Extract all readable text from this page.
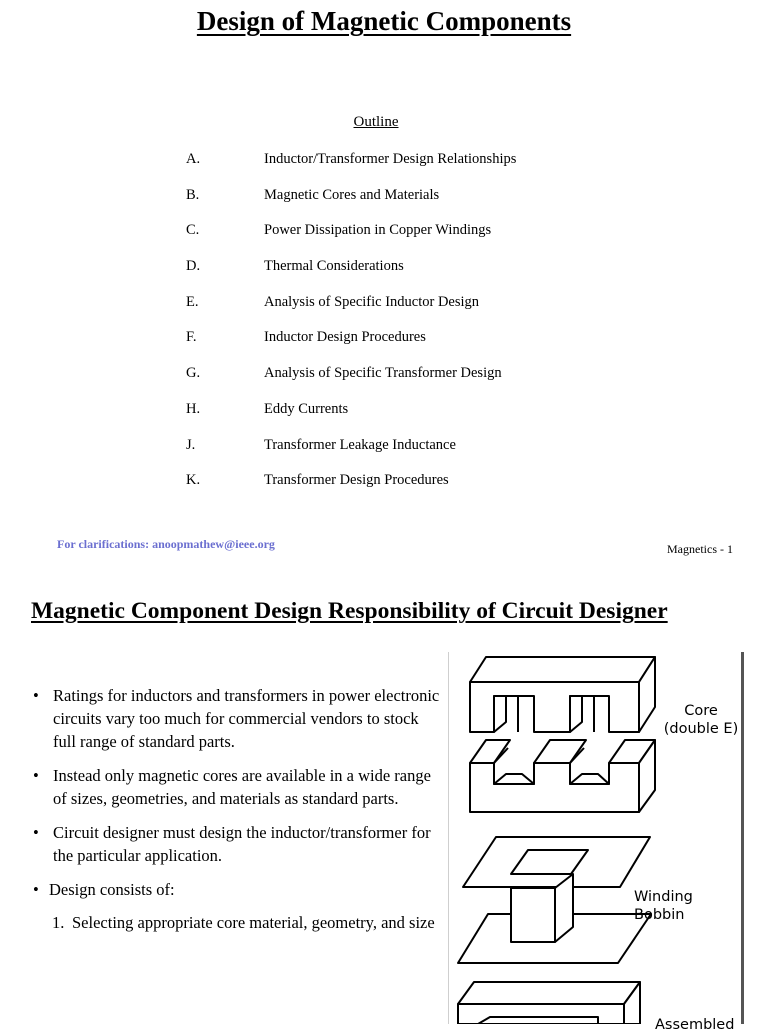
Design of Magnetic Components
Outline
A.	Inductor/Transformer Design Relationships
B.	Magnetic Cores and Materials
C.	Power Dissipation in Copper Windings
D.	Thermal Considerations
E.	Analysis of Specific Inductor Design
F.	Inductor Design Procedures
G.	Analysis of Specific Transformer Design
H.	Eddy Currents
J.	Transformer Leakage Inductance
K.	Transformer Design Procedures
For clarifications: anoopmathew@ieee.org	Magnetics - 1
Magnetic Component Design Responsibility of Circuit Designer
• Ratings for inductors and transformers in power electronic circuits vary too much for commercial vendors to stock full range of standard parts.
• Instead only magnetic cores are available in a wide range of sizes, geometries, and materials as standard parts.
• Circuit designer must design the inductor/transformer for the particular application.
• Design consists of:
1. Selecting appropriate core material, geometry, and size
Core
(double E)
Winding
Bobbin
Assembled
